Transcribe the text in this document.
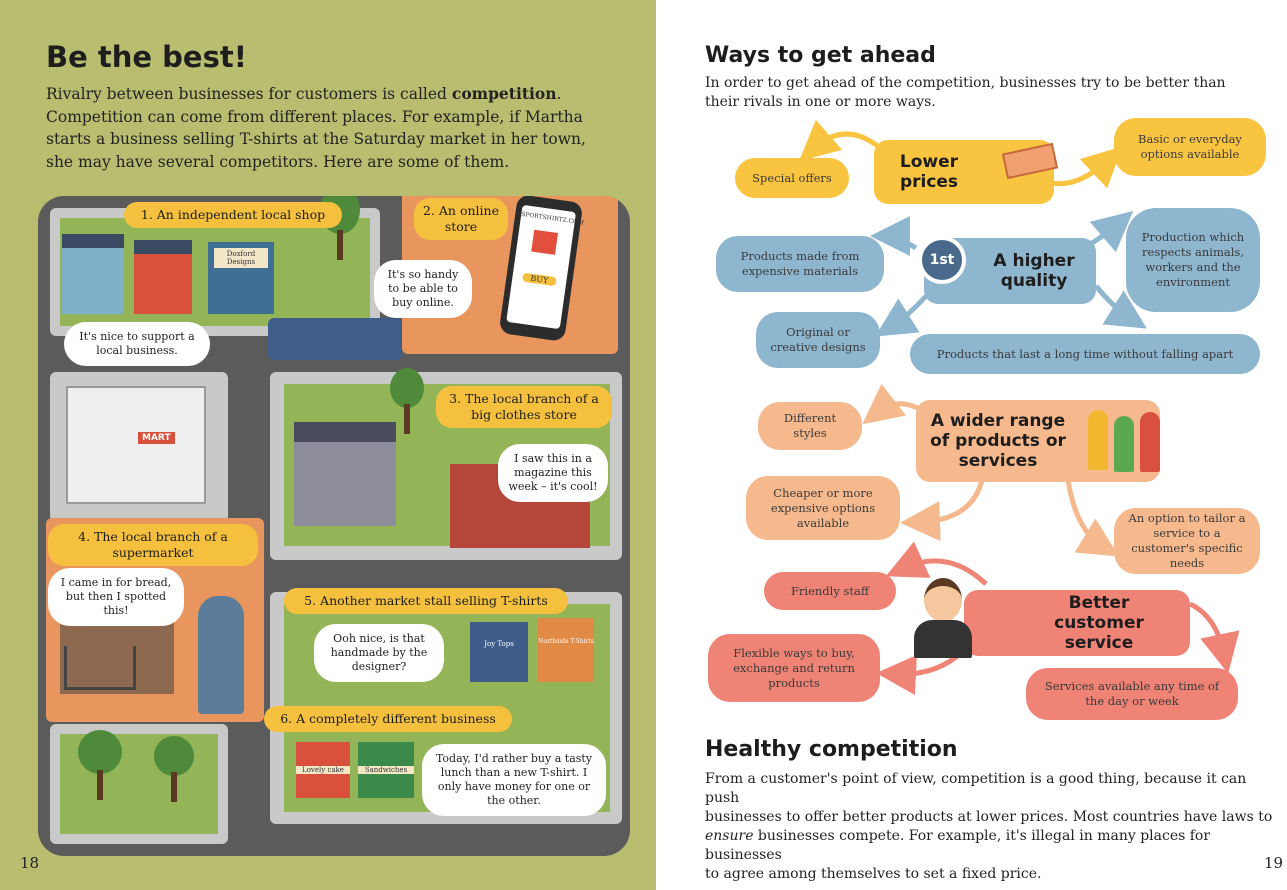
Be the best!

Rivalry between businesses for customers is called competition.
Competition can come from different places. For example, if Martha
starts a business selling T-shirts at the Saturday market in her town,
she may have several competitors. Here are some of them.

Doxford Designs
SPORTSHIRTZ.COM
BUY
MART
Joy Tops	Northside T-Shirts
Lovely cake	Sandwiches
1. An independent local shop	2. An online store
3. The local branch of a big clothes store
4. The local branch of a supermarket
5. Another market stall selling T-shirts
6. A completely different business
It's nice to support a local business.
It's so handy to be able to buy online.
I saw this in a magazine this week – it's cool!
I came in for bread, but then I spotted this!
Ooh nice, is that handmade by the designer?
Today, I'd rather buy a tasty lunch than a new T-shirt. I only have money for one or the other.
18
Ways to get ahead

In order to get ahead of the competition, businesses try to be better than their rivals in one or more ways.

Special offers
Lower prices
Basic or everyday options available
Products made from expensive materials	A higher quality
1st
Production which respects animals, workers and the environment
Original or creative designs	Products that last a long time without falling apart
Different styles
A wider range of products or services
Cheaper or more expensive options available	An option to tailor a service to a customer's specific needs
Friendly staff
Better customer service
Flexible ways to buy, exchange and return products	Services available any time of the day or week
Healthy competition

From a customer's point of view, competition is a good thing, because it can push
businesses to offer better products at lower prices. Most countries have laws to
ensure businesses compete. For example, it's illegal in many places for businesses
to agree among themselves to set a fixed price.

19
